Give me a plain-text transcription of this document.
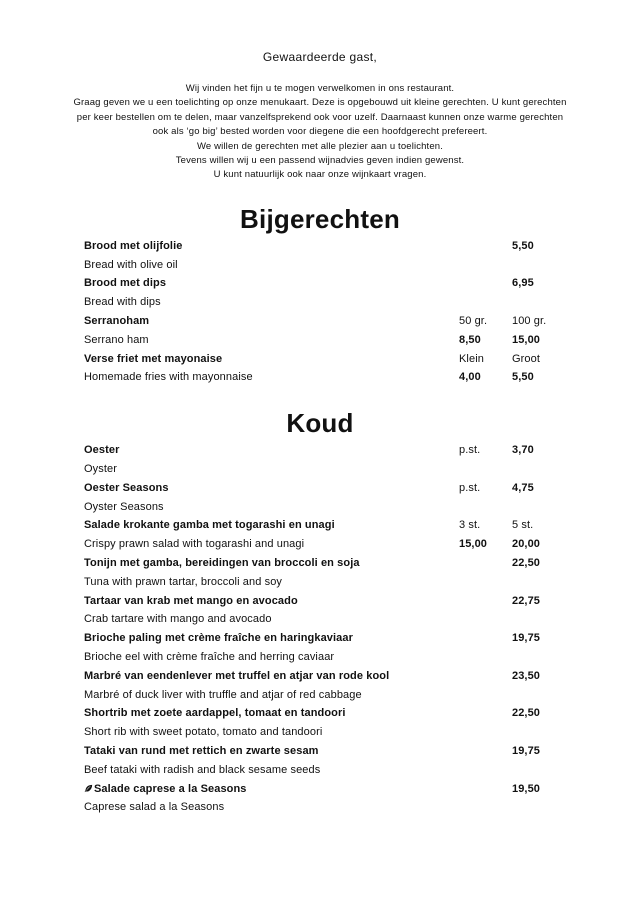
Gewaardeerde gast,
Wij vinden het fijn u te mogen verwelkomen in ons restaurant.
Graag geven we u een toelichting op onze menukaart. Deze is opgebouwd uit kleine gerechten. U kunt gerechten
per keer bestellen om te delen, maar vanzelfsprekend ook voor uzelf. Daarnaast kunnen onze warme gerechten
ook als ‘go big’ bested worden voor diegene die een hoofdgerecht prefereert.
We willen de gerechten met alle plezier aan u toelichten.
Tevens willen wij u een passend wijnadvies geven indien gewenst.
U kunt natuurlijk ook naar onze wijnkaart vragen.
Bijgerechten
Brood met olijfolie	5,50
Bread with olive oil
Brood met dips	6,95
Bread with dips
Serranoham	50 gr.	100 gr.
Serrano ham	8,50	15,00
Verse friet met mayonaise	Klein	Groot
Homemade fries with mayonnaise	4,00	5,50
Koud
Oester	p.st.	3,70
Oyster
Oester Seasons	p.st.	4,75
Oyster Seasons
Salade krokante gamba met togarashi en unagi	3 st.	5 st.
Crispy prawn salad with togarashi and unagi	15,00	20,00
Tonijn met gamba, bereidingen van broccoli en soja	22,50
Tuna with prawn tartar, broccoli and soy
Tartaar van krab met mango en avocado	22,75
Crab tartare with mango and avocado
Brioche paling met crème fraîche en haringkaviaar	19,75
Brioche eel with crème fraîche and herring caviaar
Marbré van eendenlever met truffel en atjar van rode kool	23,50
Marbré of duck liver with truffle and atjar of red cabbage
Shortrib met zoete aardappel, tomaat en tandoori	22,50
Short rib with sweet potato, tomato and tandoori
Tataki van rund met rettich en zwarte sesam	19,75
Beef tataki with radish and black sesame seeds
Salade caprese a la Seasons	19,50
Caprese salad a la Seasons
